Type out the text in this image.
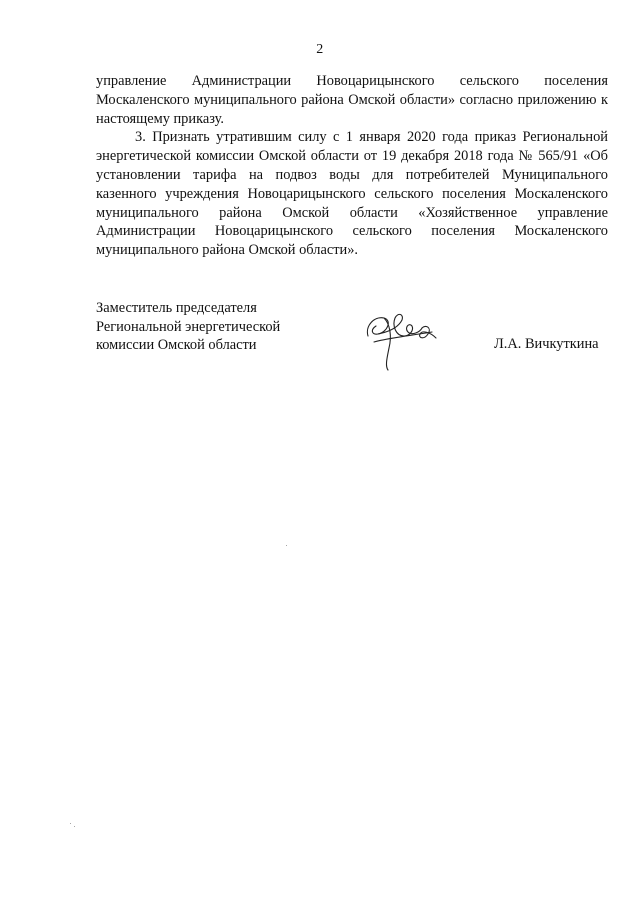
2

управление Администрации Новоцарицынского сельского поселения Москаленского муниципального района Омской области» согласно приложению к настоящему приказу.

3. Признать утратившим силу с 1 января 2020 года приказ Региональной энергетической комиссии Омской области от 19 декабря 2018 года № 565/91 «Об установлении тарифа на подвоз воды для потребителей Муниципального казенного учреждения Новоцарицынского сельского поселения Москаленского муниципального района Омской области «Хозяйственное управление Администрации Новоцарицынского сельского поселения Москаленского муниципального района Омской области».

Заместитель председателя
Региональной энергетической
комиссии Омской области	Л.А. Вичкуткина
